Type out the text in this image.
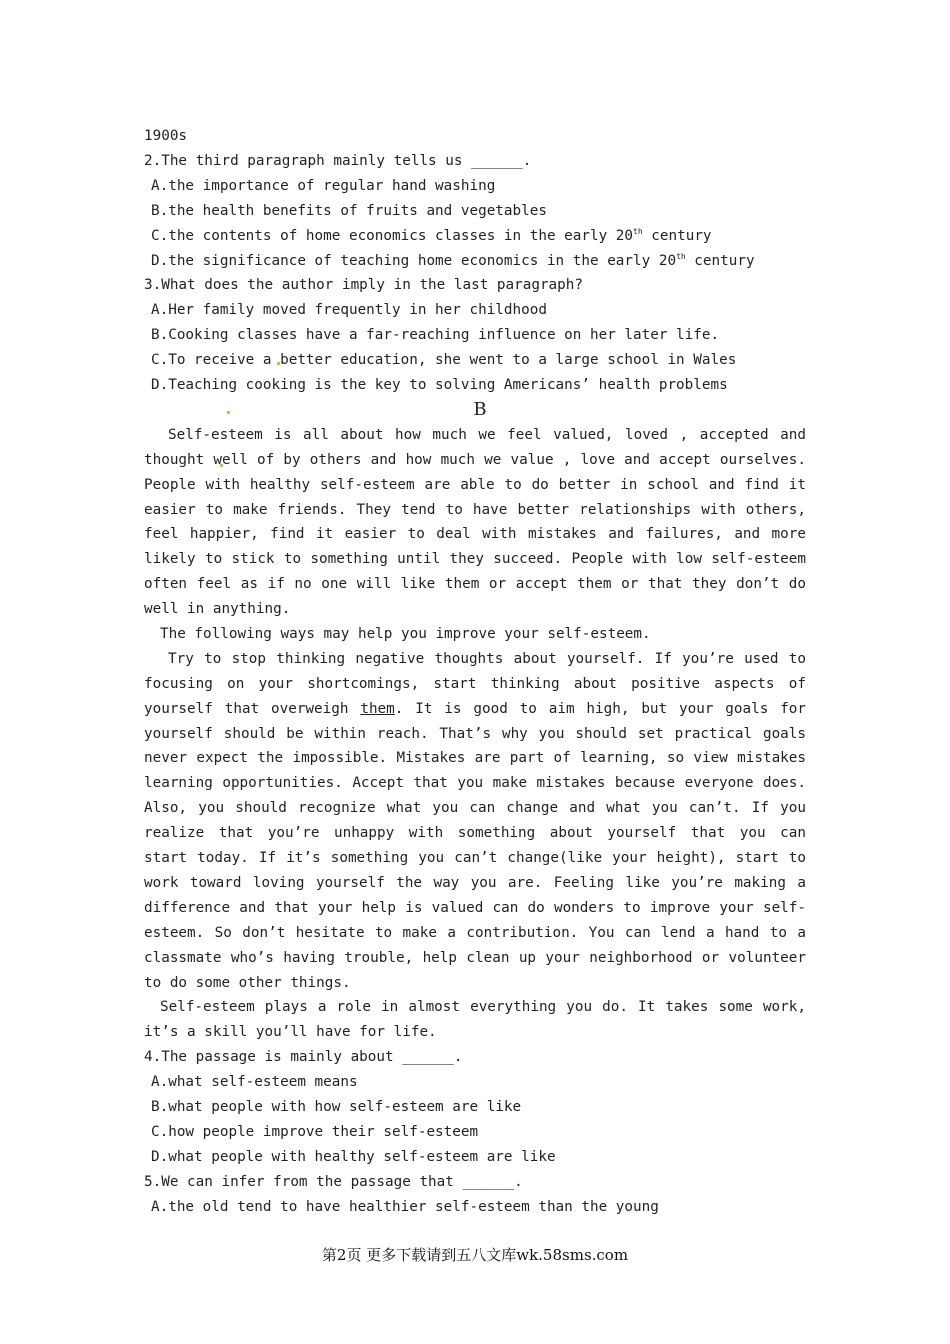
1900s
2.The third paragraph mainly tells us ______.
A.the importance of regular hand washing
B.the health benefits of fruits and vegetables
C.the contents of home economics classes in the early 20th century
D.the significance of teaching home economics in the early 20th century
3.What does the author imply in the last paragraph?
A.Her family moved frequently in her childhood
B.Cooking classes have a far-reaching influence on her later life.
C.To receive a better education, she went to a large school in Wales
D.Teaching cooking is the key to solving Americans’ health problems
B
Self-esteem is all about how much we feel valued, loved , accepted and
thought well of by others and how much we value , love and accept ourselves.
People with healthy self-esteem are able to do better in school and find it
easier to make friends. They tend to have better relationships with others,
feel happier, find it easier to deal with mistakes and failures, and more
likely to stick to something until they succeed. People with low self-esteem
often feel as if no one will like them or accept them or that they don’t do
well in anything.
The following ways may help you improve your self-esteem.
Try to stop thinking negative thoughts about yourself. If you’re used to
focusing on your shortcomings, start thinking about positive aspects of
yourself that overweigh them. It is good to aim high, but your goals for
yourself should be within reach. That’s why you should set practical goals
never expect the impossible. Mistakes are part of learning, so view mistakes
learning opportunities. Accept that you make mistakes because everyone does.
Also, you should recognize what you can change and what you can’t. If you
realize that you’re unhappy with something about yourself that you can
start today. If it’s something you can’t change(like your height), start to
work toward loving yourself the way you are. Feeling like you’re making a
difference and that your help is valued can do wonders to improve your self-
esteem. So don’t hesitate to make a contribution. You can lend a hand to a
classmate who’s having trouble, help clean up your neighborhood or volunteer
to do some other things.
Self-esteem plays a role in almost everything you do. It takes some work,
it’s a skill you’ll have for life.
4.The passage is mainly about ______.
A.what self-esteem means
B.what people with how self-esteem are like
C.how people improve their self-esteem
D.what people with healthy self-esteem are like
5.We can infer from the passage that ______.
A.the old tend to have healthier self-esteem than the young
第2页 更多下载请到五八文库wk.58sms.com
